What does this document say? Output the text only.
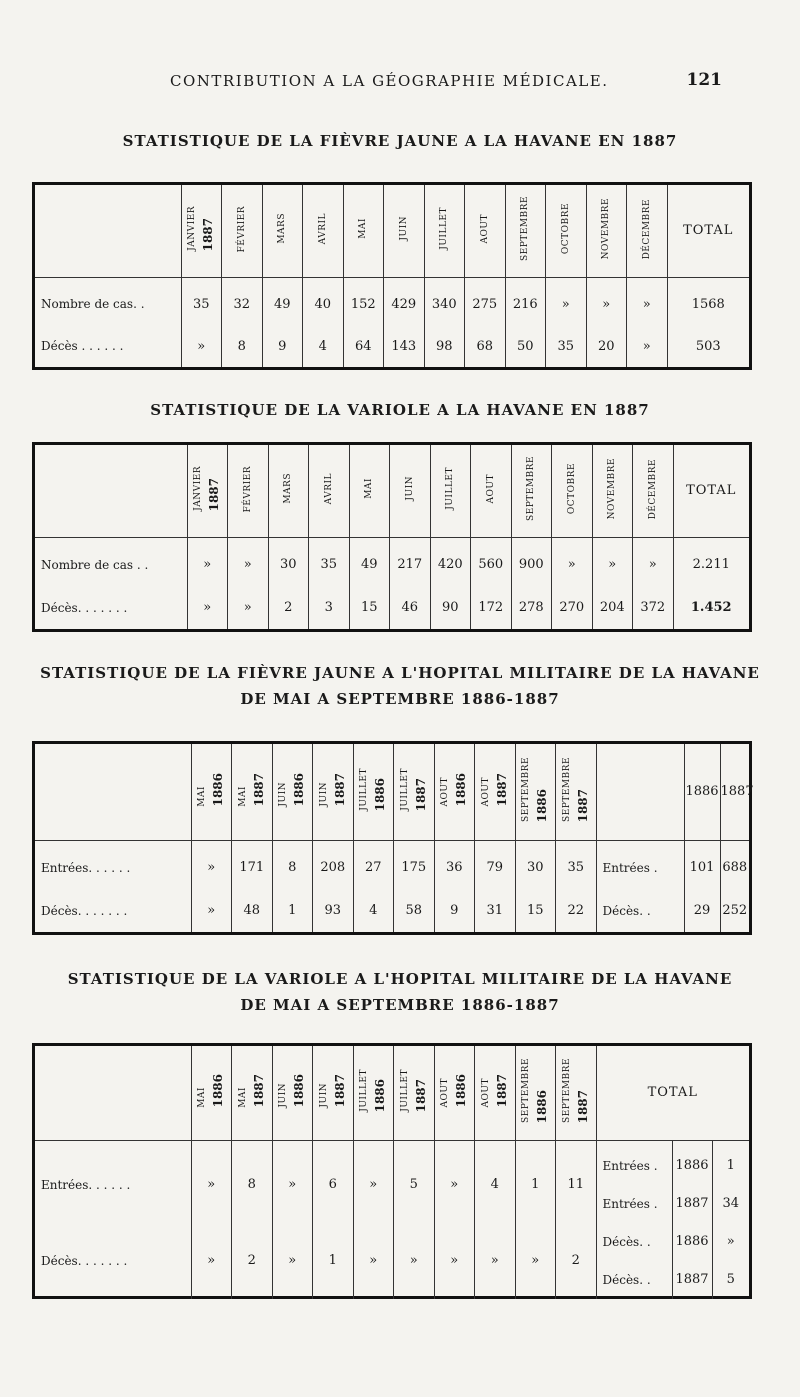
CONTRIBUTION A LA GÉOGRAPHIE MÉDICALE.	121
STATISTIQUE DE LA FIÈVRE JAUNE A LA HAVANE EN 1887
	JANVIER 1887	FÉVRIER	MARS	AVRIL	MAI	JUIN	JUILLET	AOUT	SEPTEMBRE	OCTOBRE	NOVEMBRE	DÉCEMBRE	TOTAL

Nombre de cas. .	35	32	49	40	152	429	340	275	216	»	»	»	1568
Décès . . . . . .	»	8	9	4	64	143	98	68	50	35	20	»	503
STATISTIQUE DE LA VARIOLE A LA HAVANE EN 1887
	JANVIER 1887	FÉVRIER	MARS	AVRIL	MAI	JUIN	JUILLET	AOUT	SEPTEMBRE	OCTOBRE	NOVEMBRE	DÉCEMBRE	TOTAL

Nombre de cas . .	»	»	30	35	49	217	420	560	900	»	»	»	2.211
Décès. . . . . . .	»	»	2	3	15	46	90	172	278	270	204	372	1.452
STATISTIQUE DE LA FIÈVRE JAUNE A L'HOPITAL MILITAIRE DE LA HAVANE
DE MAI A SEPTEMBRE 1886-1887
	MAI 1886	MAI 1887	JUIN 1886	JUIN 1887	JUILLET 1886	JUILLET 1887	AOUT 1886	AOUT 1887	SEPTEMBRE 1886	SEPTEMBRE 1887		1886	1887

Entrées. . . . . .	»	171	8	208	27	175	36	79	30	35	Entrées .	101	688
Décès. . . . . . .	»	48	1	93	4	58	9	31	15	22	Décès. .	29	252
STATISTIQUE DE LA VARIOLE A L'HOPITAL MILITAIRE DE LA HAVANE
DE MAI A SEPTEMBRE 1886-1887
	MAI 1886	MAI 1887	JUIN 1886	JUIN 1887	JUILLET 1886	JUILLET 1887	AOUT 1886	AOUT 1887	SEPTEMBRE 1886	SEPTEMBRE 1887	TOTAL		

Entrées. . . . . .	»	8	»	6	»	5	»	4	1	11	Entrées .	1886	1
											Entrées .	1887	34
Décès. . . . . . .	»	2	»	1	»	»	»	»	»	2	Décès. .	1886	»
											Décès. .	1887	5
